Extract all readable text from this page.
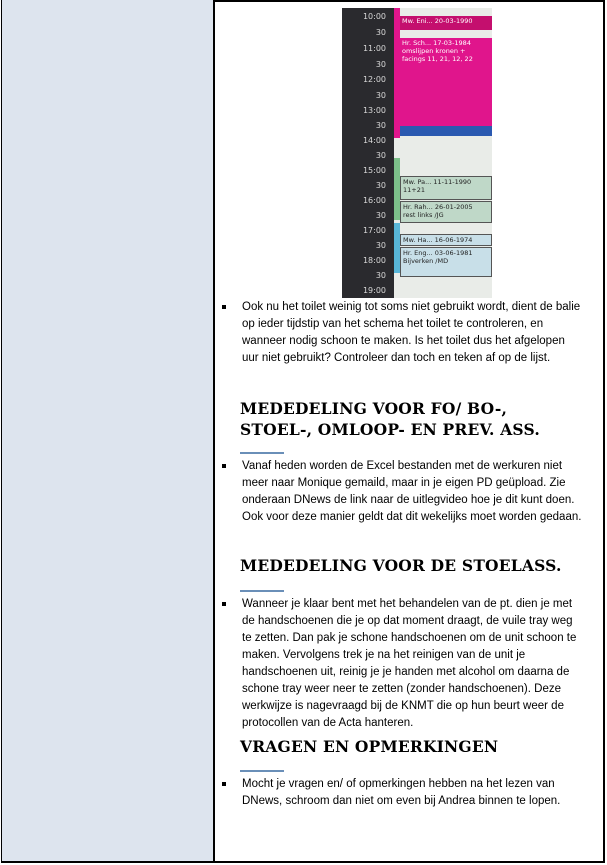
10:00
30
11:00
30
12:00
30
13:00
30
14:00
30
15:00
30
16:00
30
17:00
30
18:00
30
19:00
Mw. Eni... 20-03-1990
Hr. Sch... 17-03-1984
omslijpen kronen + facings 11, 21, 12, 22
Mw. Pa... 11-11-1990
11+21
Hr. Rah... 26-01-2005
rest links /JG
Mw. Ha... 16-06-1974
Hr. Eng... 03-06-1981
Bijverken /MD
Ook nu het toilet weinig tot soms niet gebruikt wordt, dient de balie op ieder tijdstip van het schema het toilet te controleren, en wanneer nodig schoon te maken. Is het toilet dus het afgelopen uur niet gebruikt? Controleer dan toch en teken af op de lijst.
MEDEDELING VOOR FO/ BO-,
STOEL-, OMLOOP- EN PREV. ASS.
Vanaf heden worden de Excel bestanden met de werkuren niet meer naar Monique gemaild, maar in je eigen PD geüpload. Zie onderaan DNews de link naar de uitlegvideo hoe je dit kunt doen. Ook voor deze manier geldt dat dit wekelijks moet worden gedaan.
MEDEDELING VOOR DE STOELASS.
Wanneer je klaar bent met het behandelen van de pt. dien je met de handschoenen die je op dat moment draagt, de vuile tray weg te zetten. Dan pak je schone handschoenen om de unit schoon te maken. Vervolgens trek je na het reinigen van de unit je handschoenen uit, reinig je je handen met alcohol om daarna de schone tray weer neer te zetten (zonder handschoenen). Deze werkwijze is nagevraagd bij de KNMT die op hun beurt weer de protocollen van de Acta hanteren.
VRAGEN EN OPMERKINGEN
Mocht je vragen en/ of opmerkingen hebben na het lezen van DNews, schroom dan niet om even bij Andrea binnen te lopen.
